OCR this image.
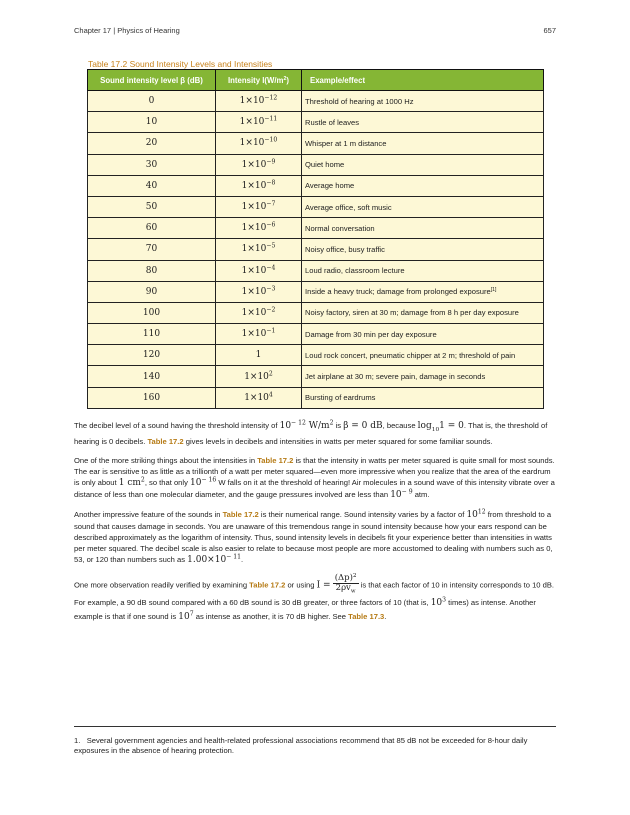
Chapter 17 | Physics of Hearing	657
Table 17.2 Sound Intensity Levels and Intensities
Sound intensity level β (dB)	Intensity $I(W/m^2)$	Example/effect
0	$1\times 10^{-12}$	Threshold of hearing at 1000 Hz
10	$1\times 10^{-11}$	Rustle of leaves
20	$1\times 10^{-10}$	Whisper at 1 m distance
30	$1\times 10^{-9}$	Quiet home
40	$1\times 10^{-8}$	Average home
50	$1\times 10^{-7}$	Average office, soft music
60	$1\times 10^{-6}$	Normal conversation
70	$1\times 10^{-5}$	Noisy office, busy traffic
80	$1\times 10^{-4}$	Loud radio, classroom lecture
90	$1\times 10^{-3}$	Inside a heavy truck; damage from prolonged exposure[1]
100	$1\times 10^{-2}$	Noisy factory, siren at 30 m; damage from 8 h per day exposure
110	$1\times 10^{-1}$	Damage from 30 min per day exposure
120	1	Loud rock concert, pneumatic chipper at 2 m; threshold of pain
140	$1\times 10^2$	Jet airplane at 30 m; severe pain, damage in seconds
160	$1\times 10^4$	Bursting of eardrums

The decibel level of a sound having the threshold intensity of $10^{- 12}$ $W/m^2$ is β = 0 dB, because $\log_{10}1 = 0$. That is, the threshold of hearing is 0 decibels. Table 17.2 gives levels in decibels and intensities in watts per meter squared for some familiar sounds.

One of the more striking things about the intensities in Table 17.2 is that the intensity in watts per meter squared is quite small for most sounds. The ear is sensitive to as little as a trillionth of a watt per meter squared—even more impressive when you realize that the area of the eardrum is only about 1 $cm^2$, so that only $10^{- 16}$ W falls on it at the threshold of hearing! Air molecules in a sound wave of this intensity vibrate over a distance of less than one molecular diameter, and the gauge pressures involved are less than $10^{- 9}$ atm.

Another impressive feature of the sounds in Table 17.2 is their numerical range. Sound intensity varies by a factor of $10^{12}$ from threshold to a sound that causes damage in seconds. You are unaware of this tremendous range in sound intensity because how your ears respond can be described approximately as the logarithm of intensity. Thus, sound intensity levels in decibels fit your experience better than intensities in watts per meter squared. The decibel scale is also easier to relate to because most people are more accustomed to dealing with numbers such as 0, 53, or 120 than numbers such as $1.00\times 10^{- 11}$.

One more observation readily verified by examining Table 17.2 or using $I = \frac{(\Delta p)^2}{2\rho v_w}$ is that each factor of 10 in intensity corresponds to 10 dB. For example, a 90 dB sound compared with a 60 dB sound is 30 dB greater, or three factors of 10 (that is, $10^3$ times) as intense. Another example is that if one sound is $10^7$ as intense as another, it is 70 dB higher. See Table 17.3.

1. Several government agencies and health-related professional associations recommend that 85 dB not be exceeded for 8-hour daily exposures in the absence of hearing protection.
